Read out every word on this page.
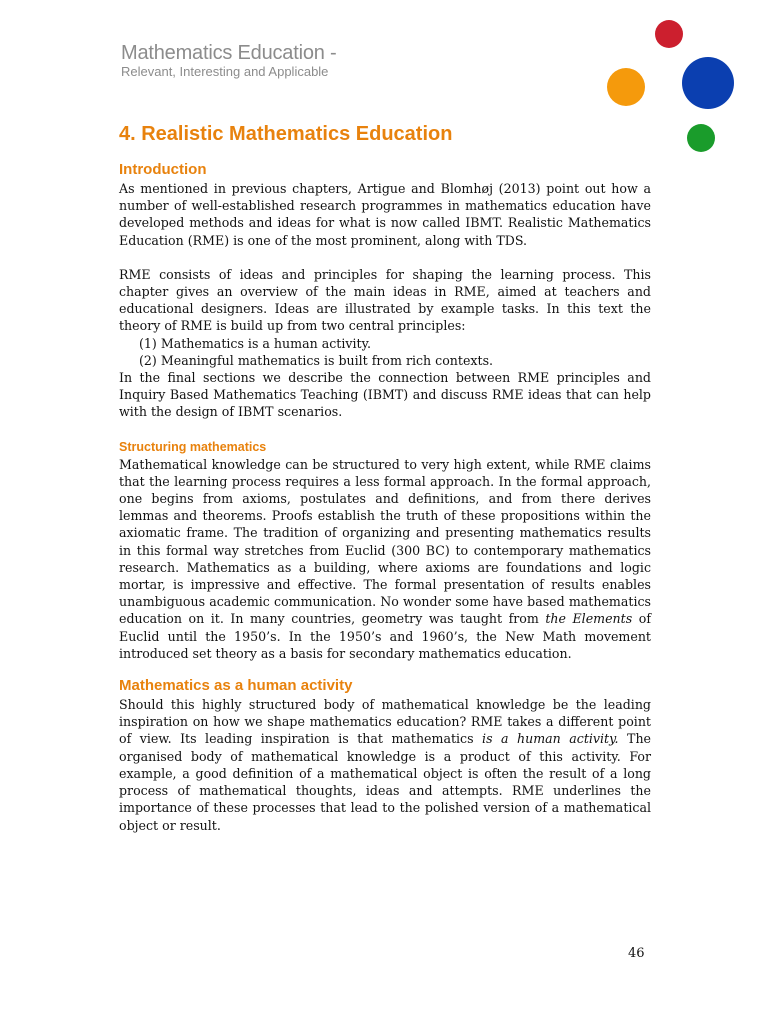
Mathematics Education -
Relevant, Interesting and Applicable
4. Realistic Mathematics Education
Introduction

As mentioned in previous chapters, Artigue and Blomhøj (2013) point out how a number of well-established research programmes in mathematics education have developed methods and ideas for what is now called IBMT. Realistic Mathematics Education (RME) is one of the most prominent, along with TDS.

RME consists of ideas and principles for shaping the learning process. This chapter gives an overview of the main ideas in RME, aimed at teachers and educational designers. Ideas are illustrated by example tasks. In this text the theory of RME is build up from two central principles:

(1) Mathematics is a human activity.

(2) Meaningful mathematics is built from rich contexts.

In the final sections we describe the connection between RME principles and Inquiry Based Mathematics Teaching (IBMT) and discuss RME ideas that can help with the design of IBMT scenarios.

Structuring mathematics

Mathematical knowledge can be structured to very high extent, while RME claims that the learning process requires a less formal approach. In the formal approach, one begins from axioms, postulates and definitions, and from there derives lemmas and theorems. Proofs establish the truth of these propositions within the axiomatic frame. The tradition of organizing and presenting mathematics results in this formal way stretches from Euclid (300 BC) to contemporary mathematics research. Mathematics as a building, where axioms are foundations and logic mortar, is impressive and effective. The formal presentation of results enables unambiguous academic communication. No wonder some have based mathematics education on it. In many countries, geometry was taught from the Elements of Euclid until the 1950’s. In the 1950’s and 1960’s, the New Math movement introduced set theory as a basis for secondary mathematics education.

Mathematics as a human activity

Should this highly structured body of mathematical knowledge be the leading inspiration on how we shape mathematics education? RME takes a different point of view. Its leading inspiration is that mathematics is a human activity. The organised body of mathematical knowledge is a product of this activity. For example, a good definition of a mathematical object is often the result of a long process of mathematical thoughts, ideas and attempts. RME underlines the importance of these processes that lead to the polished version of a mathematical object or result.

46
